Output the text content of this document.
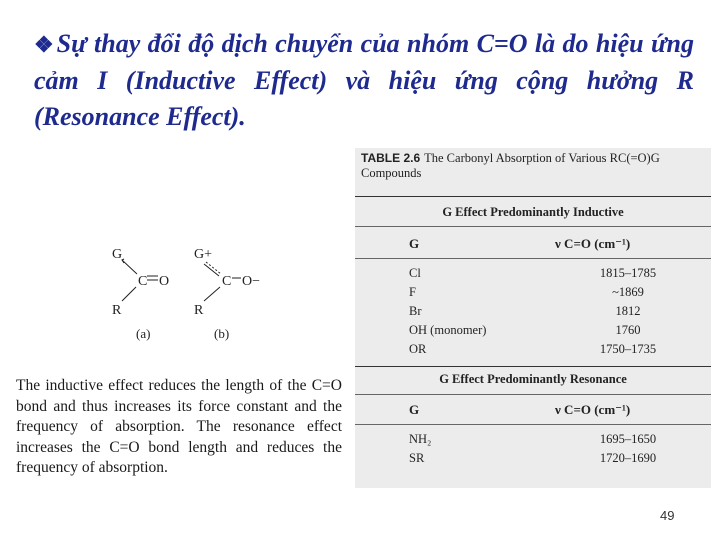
❖Sự thay đổi độ dịch chuyển của nhóm C=O là do hiệu ứng cảm I (Inductive Effect) và hiệu ứng cộng hưởng R (Resonance Effect).
TABLE 2.6 The Carbonyl Absorption of Various RC(=O)G Compounds
G Effect Predominantly Inductive
G	ν C=O (cm⁻¹)
Cl	1815–1785
F	~1869
Br	1812
OH (monomer)	1760
OR	1750–1735
G Effect Predominantly Resonance
G	ν C=O (cm⁻¹)
NH₂	1695–1650
SR	1720–1690
G
C O
R
G+
C O−
R
(a)	(b)
The inductive effect reduces the length of the C=O bond and thus increases its force constant and the frequency of absorption. The resonance effect increases the C=O bond length and reduces the frequency of absorption.
49
